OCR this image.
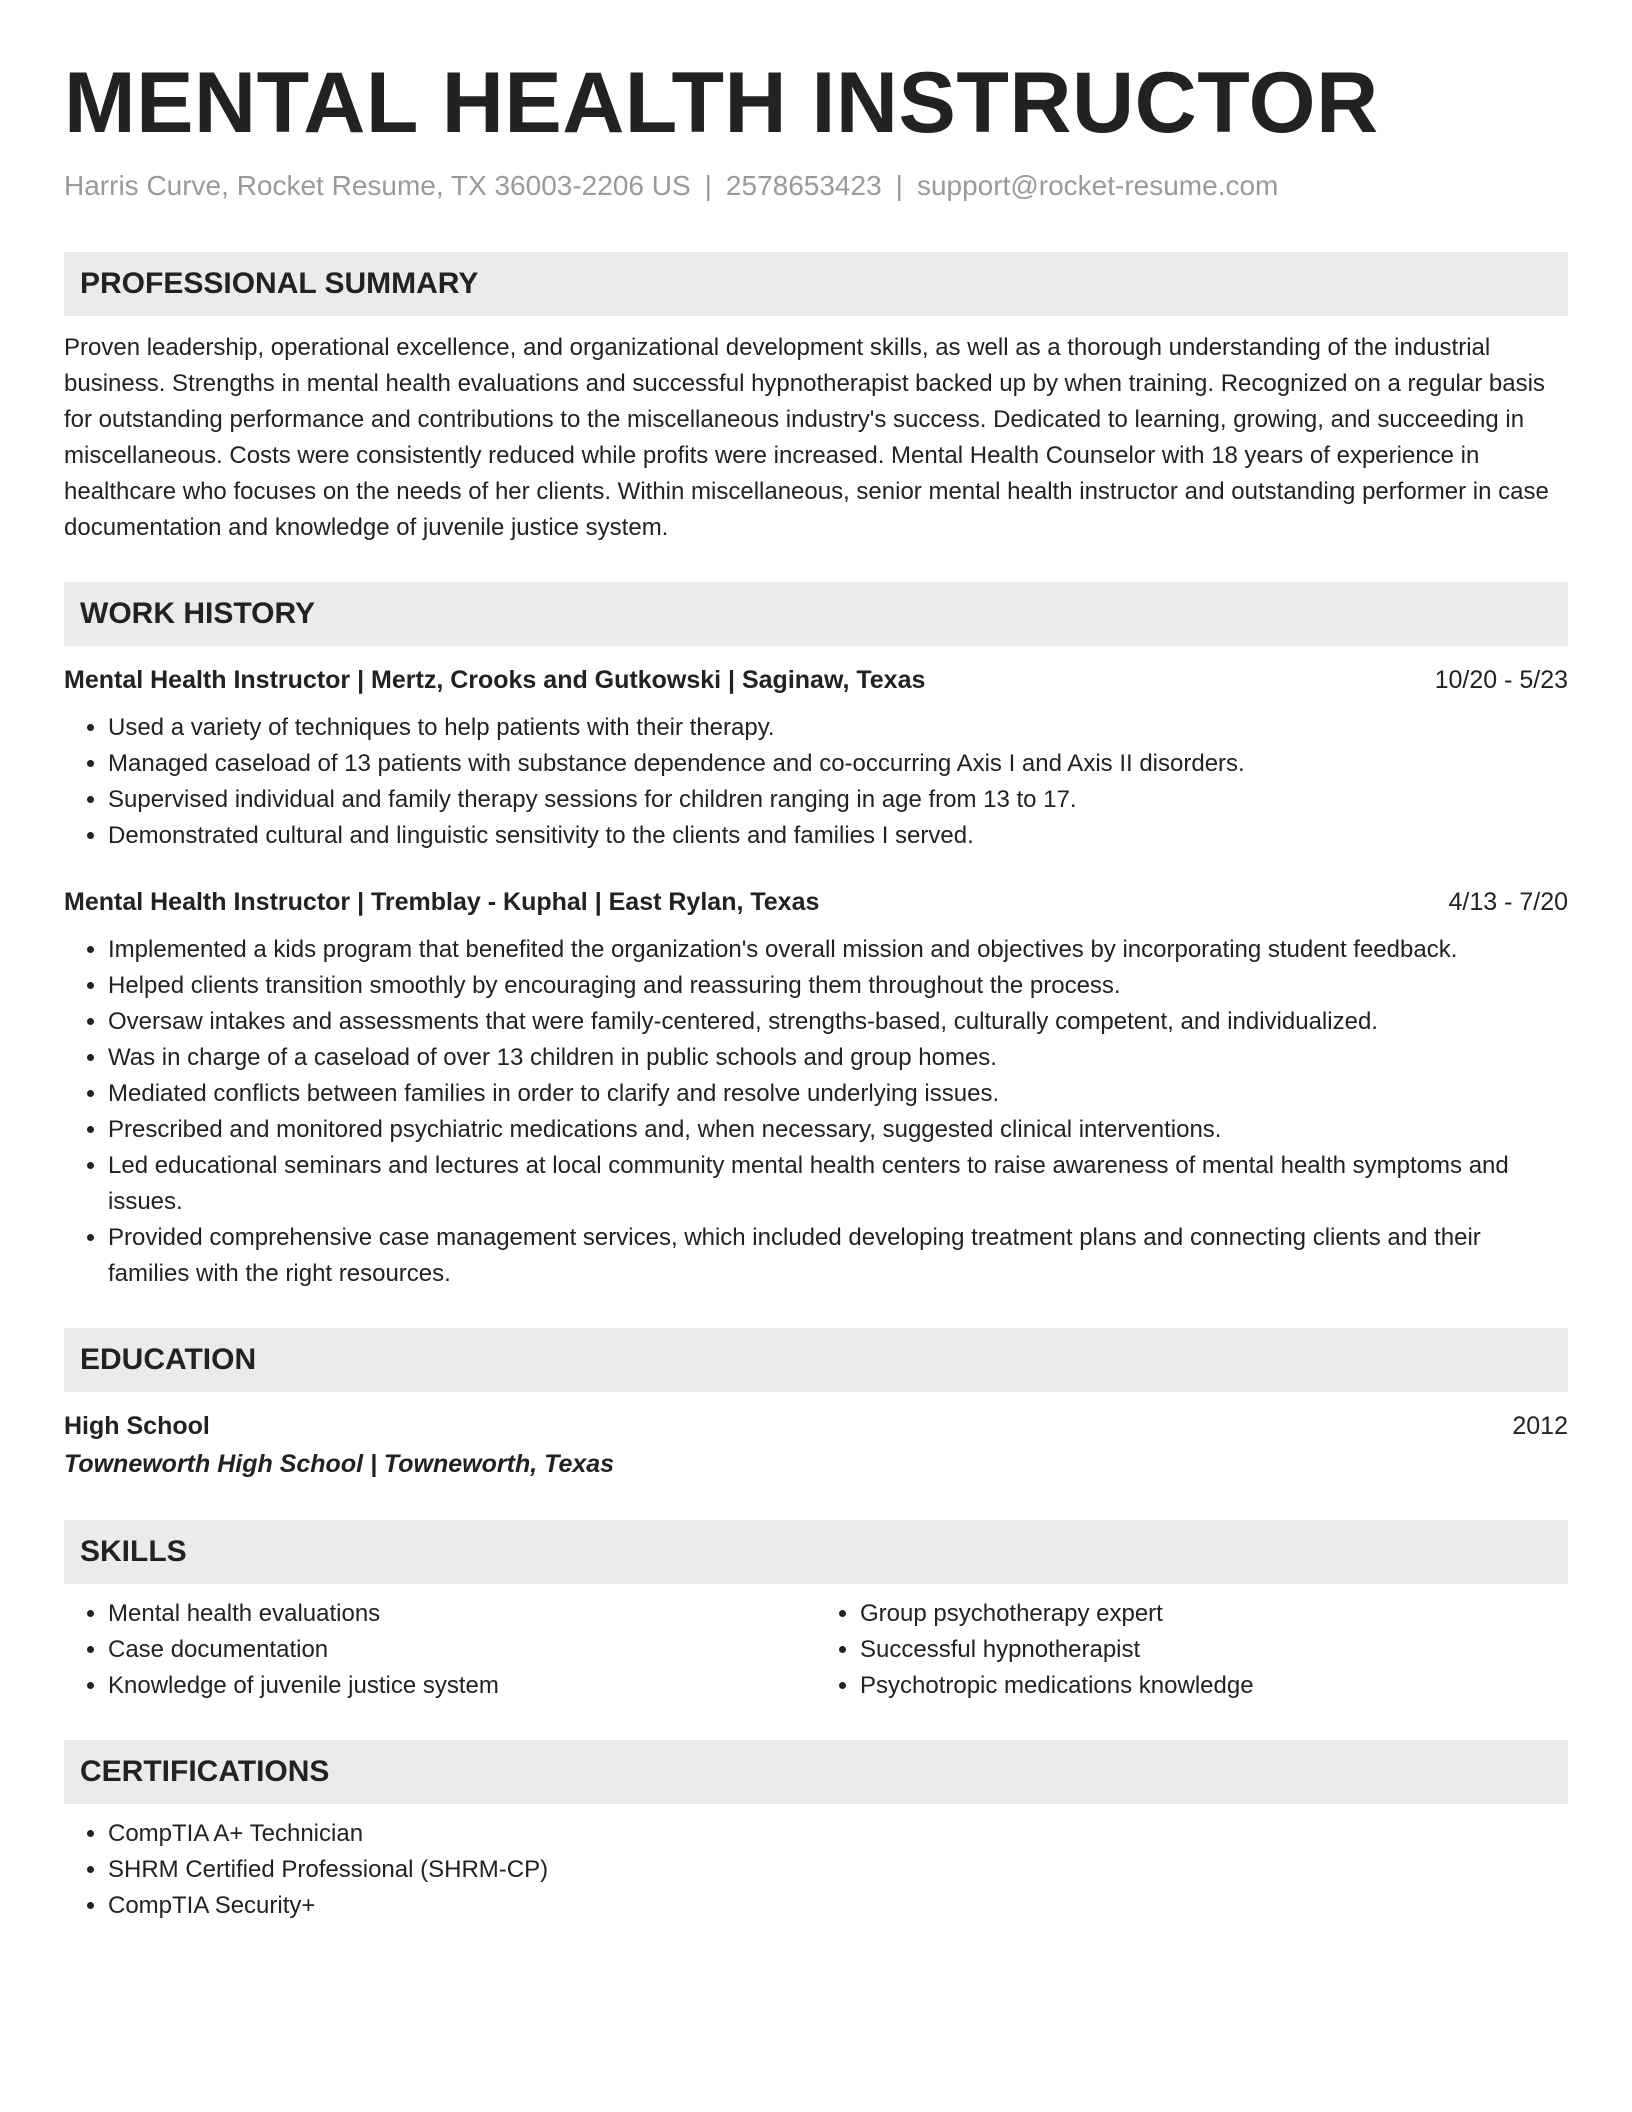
MENTAL HEALTH INSTRUCTOR
Harris Curve, Rocket Resume, TX 36003-2206 US | 2578653423 | support@rocket-resume.com
PROFESSIONAL SUMMARY
Proven leadership, operational excellence, and organizational development skills, as well as a thorough understanding of the industrial business. Strengths in mental health evaluations and successful hypnotherapist backed up by when training. Recognized on a regular basis for outstanding performance and contributions to the miscellaneous industry's success. Dedicated to learning, growing, and succeeding in miscellaneous. Costs were consistently reduced while profits were increased. Mental Health Counselor with 18 years of experience in healthcare who focuses on the needs of her clients. Within miscellaneous, senior mental health instructor and outstanding performer in case documentation and knowledge of juvenile justice system.
WORK HISTORY
Mental Health Instructor | Mertz, Crooks and Gutkowski | Saginaw, Texas	10/20 - 5/23
• Used a variety of techniques to help patients with their therapy.
• Managed caseload of 13 patients with substance dependence and co-occurring Axis I and Axis II disorders.
• Supervised individual and family therapy sessions for children ranging in age from 13 to 17.
• Demonstrated cultural and linguistic sensitivity to the clients and families I served.
Mental Health Instructor | Tremblay - Kuphal | East Rylan, Texas	4/13 - 7/20
• Implemented a kids program that benefited the organization's overall mission and objectives by incorporating student feedback.
• Helped clients transition smoothly by encouraging and reassuring them throughout the process.
• Oversaw intakes and assessments that were family-centered, strengths-based, culturally competent, and individualized.
• Was in charge of a caseload of over 13 children in public schools and group homes.
• Mediated conflicts between families in order to clarify and resolve underlying issues.
• Prescribed and monitored psychiatric medications and, when necessary, suggested clinical interventions.
• Led educational seminars and lectures at local community mental health centers to raise awareness of mental health symptoms and issues.
• Provided comprehensive case management services, which included developing treatment plans and connecting clients and their families with the right resources.
EDUCATION
High School	2012
Towneworth High School | Towneworth, Texas
SKILLS
• Mental health evaluations
• Case documentation
• Knowledge of juvenile justice system
• Group psychotherapy expert
• Successful hypnotherapist
• Psychotropic medications knowledge
CERTIFICATIONS
• CompTIA A+ Technician
• SHRM Certified Professional (SHRM-CP)
• CompTIA Security+
